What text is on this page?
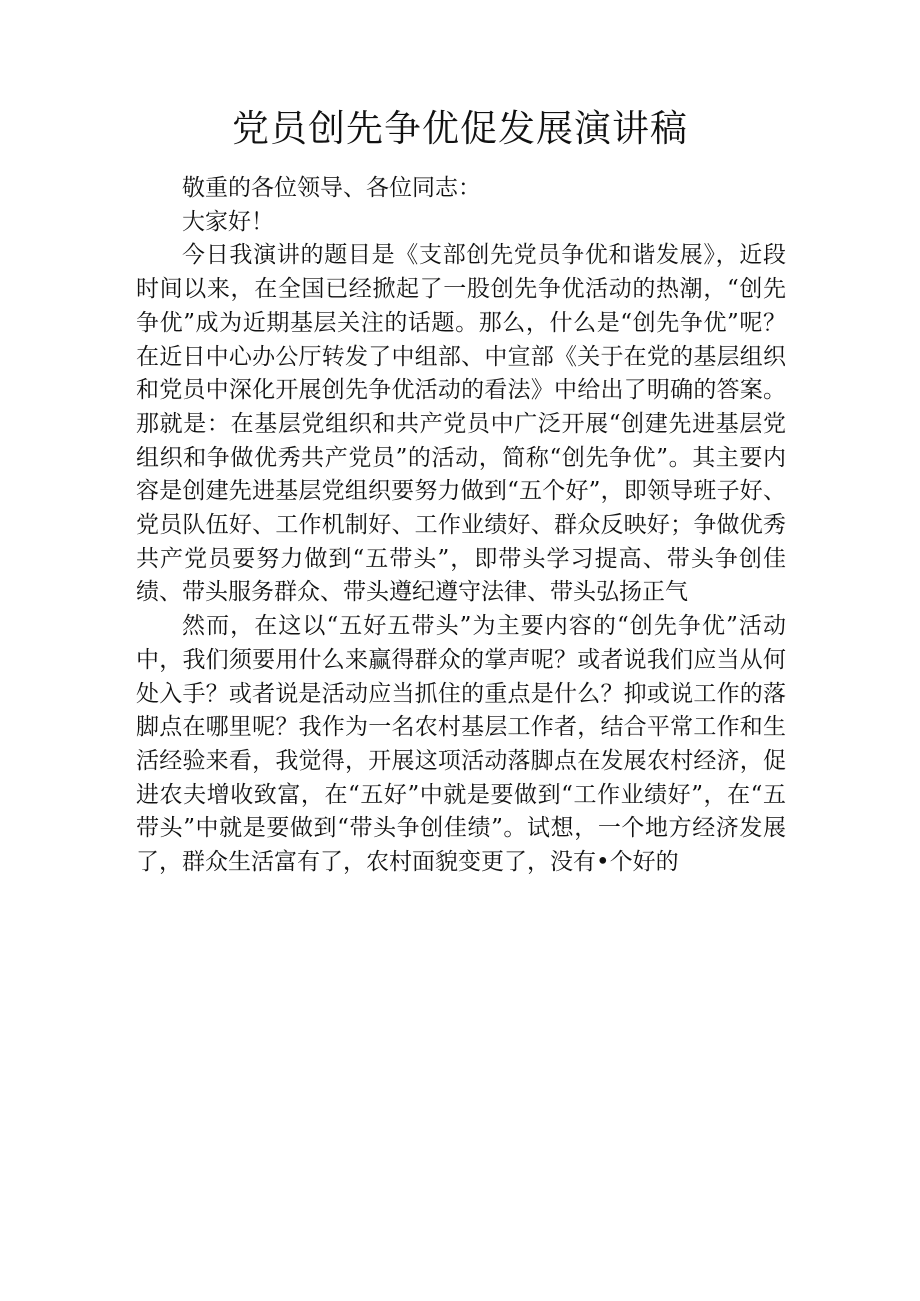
党员创先争优促发展演讲稿

敬重的各位领导、各位同志：

大家好！

今日我演讲的题目是《支部创先党员争优和谐发展》，近段时间以来，在全国已经掀起了一股创先争优活动的热潮，“创先争优”成为近期基层关注的话题。那么，什么是“创先争优”呢？在近日中心办公厅转发了中组部、中宣部《关于在党的基层组织和党员中深化开展创先争优活动的看法》中给出了明确的答案。那就是：在基层党组织和共产党员中广泛开展“创建先进基层党组织和争做优秀共产党员”的活动，简称“创先争优”。其主要内容是创建先进基层党组织要努力做到“五个好”，即领导班子好、党员队伍好、工作机制好、工作业绩好、群众反映好；争做优秀共产党员要努力做到“五带头”，即带头学习提高、带头争创佳绩、带头服务群众、带头遵纪遵守法律、带头弘扬正气

然而，在这以“五好五带头”为主要内容的“创先争优”活动中，我们须要用什么来赢得群众的掌声呢？或者说我们应当从何处入手？或者说是活动应当抓住的重点是什么？抑或说工作的落脚点在哪里呢？我作为一名农村基层工作者，结合平常工作和生活经验来看，我觉得，开展这项活动落脚点在发展农村经济，促进农夫增收致富，在“五好”中就是要做到“工作业绩好”，在“五带头”中就是要做到“带头争创佳绩”。试想，一个地方经济发展了，群众生活富有了，农村面貌变更了，没有•个好的
